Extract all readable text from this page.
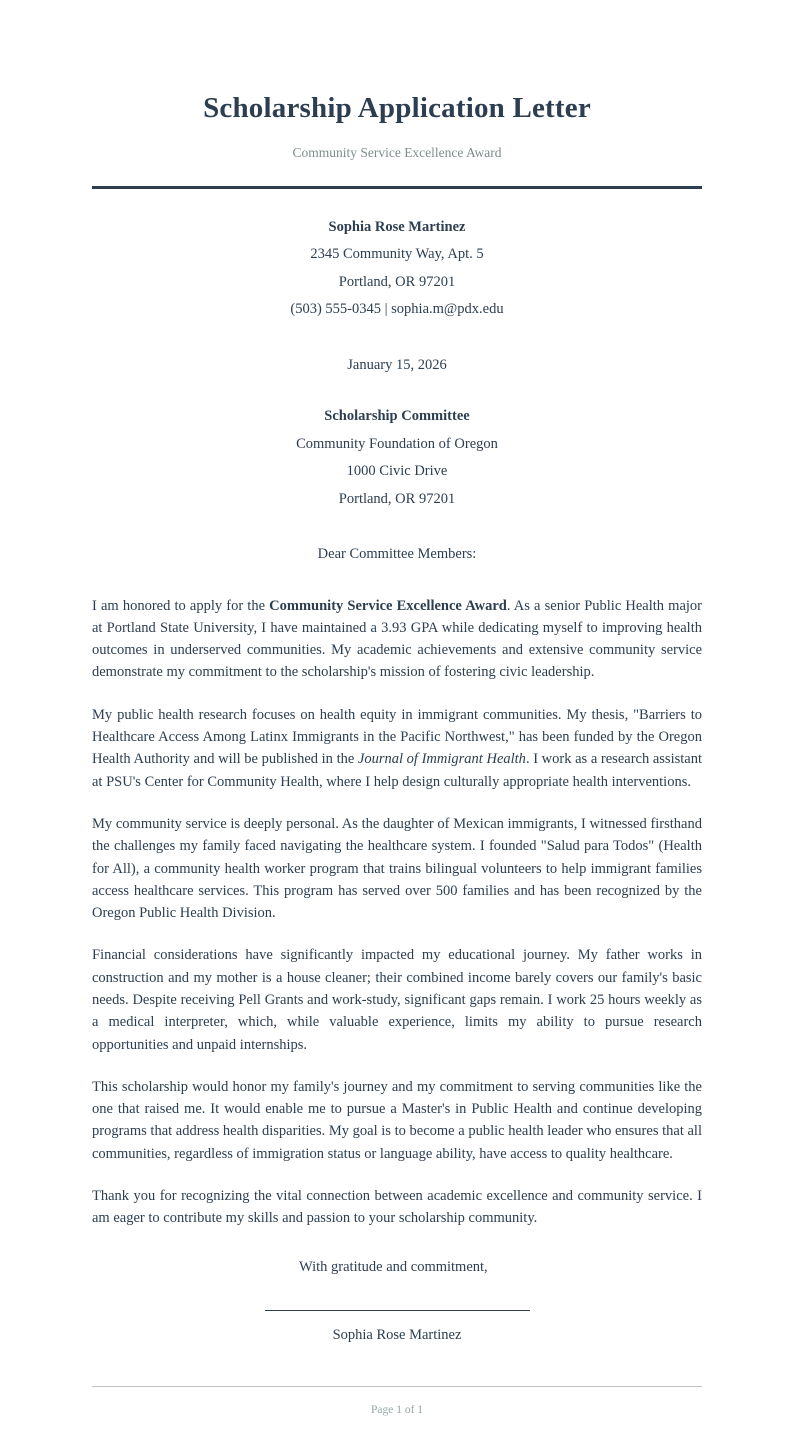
Scholarship Application Letter
Community Service Excellence Award
Sophia Rose Martinez
2345 Community Way, Apt. 5
Portland, OR 97201
(503) 555-0345 | sophia.m@pdx.edu
January 15, 2026
Scholarship Committee
Community Foundation of Oregon
1000 Civic Drive
Portland, OR 97201
Dear Committee Members:

I am honored to apply for the Community Service Excellence Award. As a senior Public Health major at Portland State University, I have maintained a 3.93 GPA while dedicating myself to improving health outcomes in underserved communities. My academic achievements and extensive community service demonstrate my commitment to the scholarship's mission of fostering civic leadership.

My public health research focuses on health equity in immigrant communities. My thesis, "Barriers to Healthcare Access Among Latinx Immigrants in the Pacific Northwest," has been funded by the Oregon Health Authority and will be published in the Journal of Immigrant Health. I work as a research assistant at PSU's Center for Community Health, where I help design culturally appropriate health interventions.

My community service is deeply personal. As the daughter of Mexican immigrants, I witnessed firsthand the challenges my family faced navigating the healthcare system. I founded "Salud para Todos" (Health for All), a community health worker program that trains bilingual volunteers to help immigrant families access healthcare services. This program has served over 500 families and has been recognized by the Oregon Public Health Division.

Financial considerations have significantly impacted my educational journey. My father works in construction and my mother is a house cleaner; their combined income barely covers our family's basic needs. Despite receiving Pell Grants and work-study, significant gaps remain. I work 25 hours weekly as a medical interpreter, which, while valuable experience, limits my ability to pursue research opportunities and unpaid internships.

This scholarship would honor my family's journey and my commitment to serving communities like the one that raised me. It would enable me to pursue a Master's in Public Health and continue developing programs that address health disparities. My goal is to become a public health leader who ensures that all communities, regardless of immigration status or language ability, have access to quality healthcare.

Thank you for recognizing the vital connection between academic excellence and community service. I am eager to contribute my skills and passion to your scholarship community.

With gratitude and commitment,
Sophia Rose Martinez
Page 1 of 1
